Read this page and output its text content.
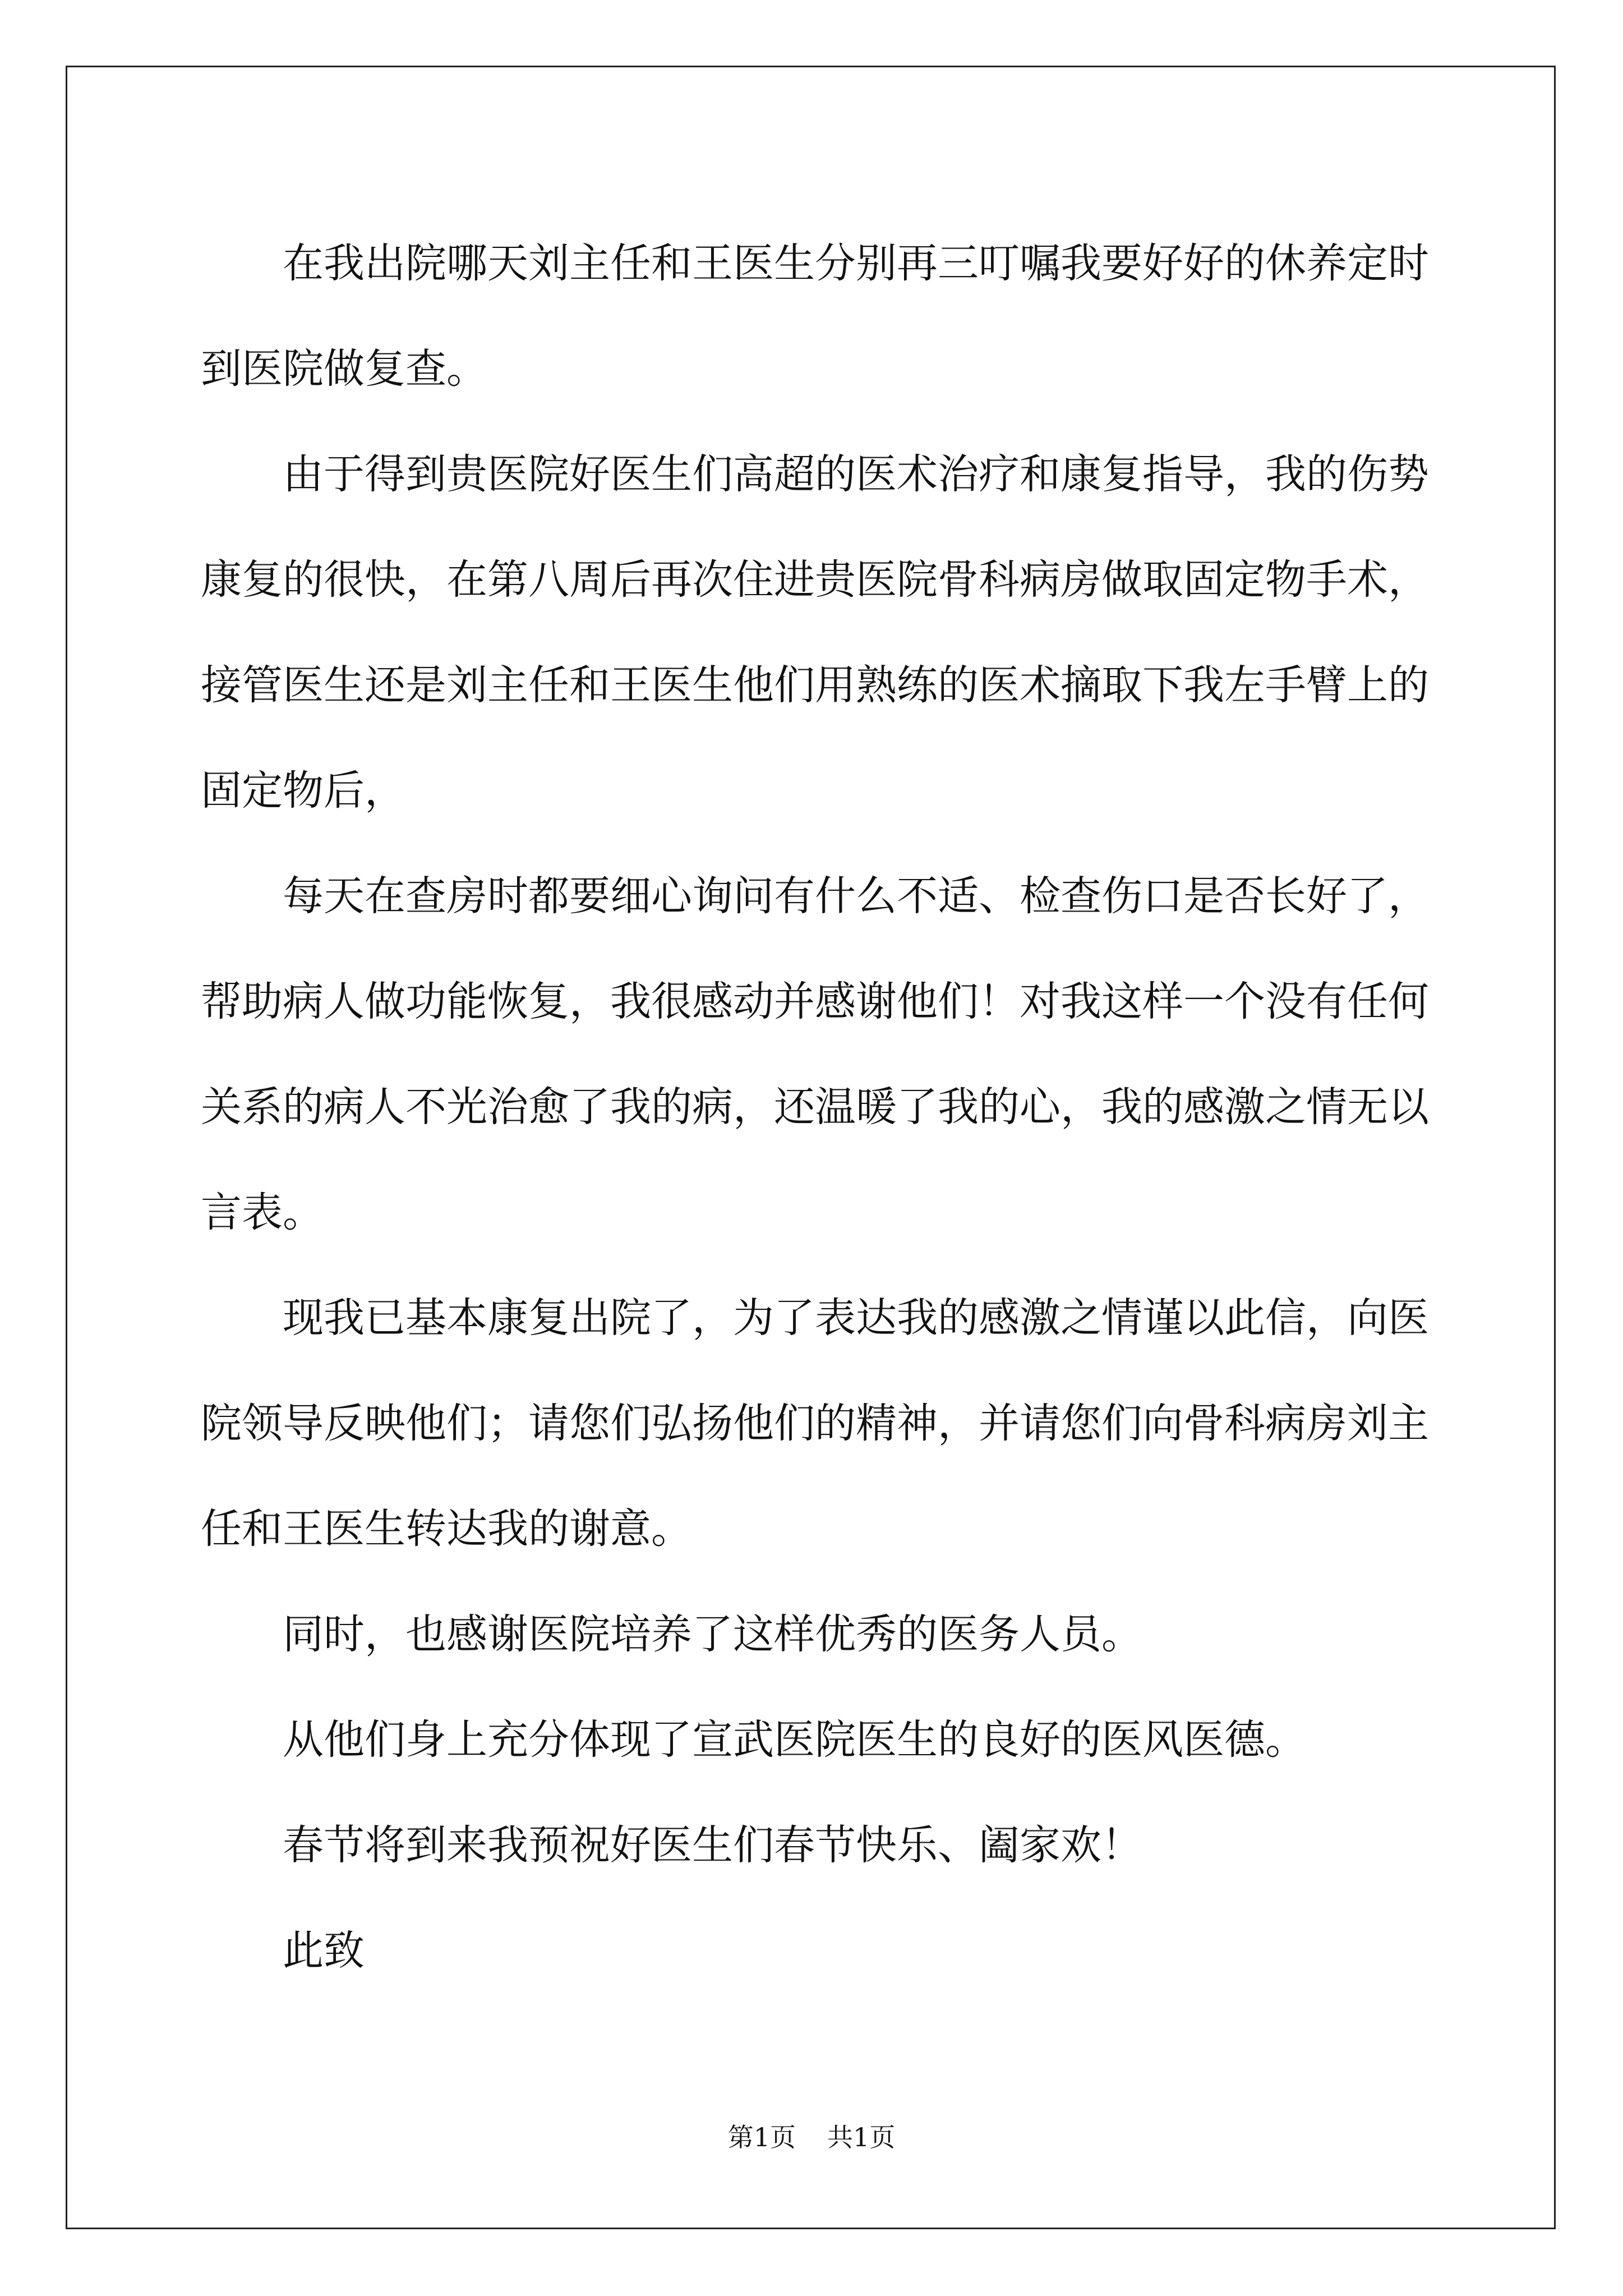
在我出院哪天刘主任和王医生分别再三叮嘱我要好好的休养定时到医院做复查。

由于得到贵医院好医生们高超的医术治疗和康复指导，我的伤势康复的很快，在第八周后再次住进贵医院骨科病房做取固定物手术，接管医生还是刘主任和王医生他们用熟练的医术摘取下我左手臂上的固定物后，

每天在查房时都要细心询问有什么不适、检查伤口是否长好了，帮助病人做功能恢复，我很感动并感谢他们！对我这样一个没有任何关系的病人不光治愈了我的病，还温暖了我的心，我的感激之情无以言表。

现我已基本康复出院了，为了表达我的感激之情谨以此信，向医院领导反映他们；请您们弘扬他们的精神，并请您们向骨科病房刘主任和王医生转达我的谢意。

同时，也感谢医院培养了这样优秀的医务人员。

从他们身上充分体现了宣武医院医生的良好的医风医德。

春节将到来我预祝好医生们春节快乐、阖家欢！

此致

第1页 共1页
